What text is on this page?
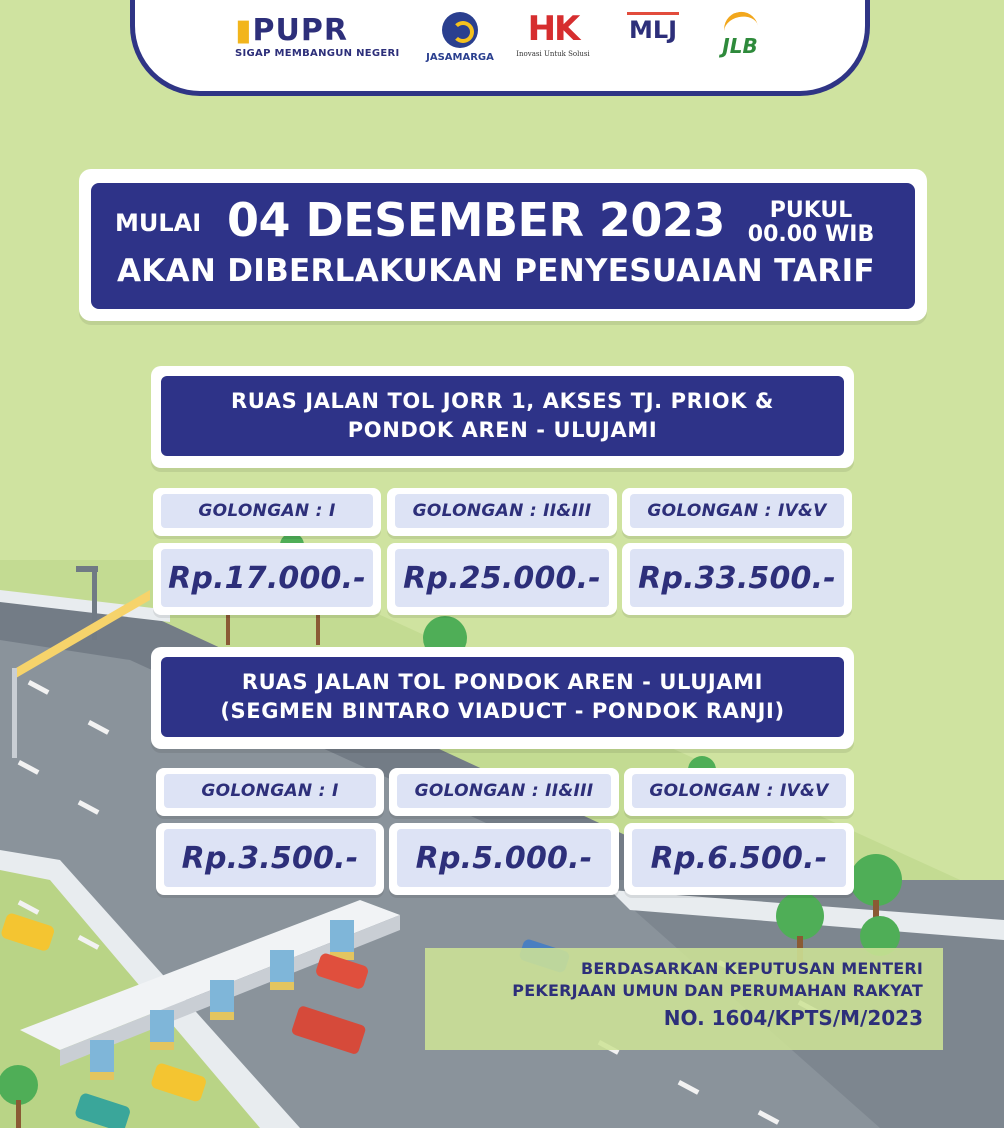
▮PUPR
SIGAP MEMBANGUN NEGERI	JASAMARGA
HK
Inovasi Untuk Solusi
MLJ
JLB
MULAI 04 DESEMBER 2023	PUKUL
00.00 WIB
AKAN DIBERLAKUKAN PENYESUAIAN TARIF
RUAS JALAN TOL JORR 1, AKSES TJ. PRIOK &
PONDOK AREN - ULUJAMI
GOLONGAN : I	GOLONGAN : II&III	GOLONGAN : IV&V
Rp.17.000.- Rp.25.000.- Rp.33.500.-
RUAS JALAN TOL PONDOK AREN - ULUJAMI
(SEGMEN BINTARO VIADUCT - PONDOK RANJI)
GOLONGAN : I	GOLONGAN : II&III	GOLONGAN : IV&V
Rp.3.500.-	Rp.5.000.-	Rp.6.500.-
BERDASARKAN KEPUTUSAN MENTERI
PEKERJAAN UMUN DAN PERUMAHAN RAKYAT
NO. 1604/KPTS/M/2023
